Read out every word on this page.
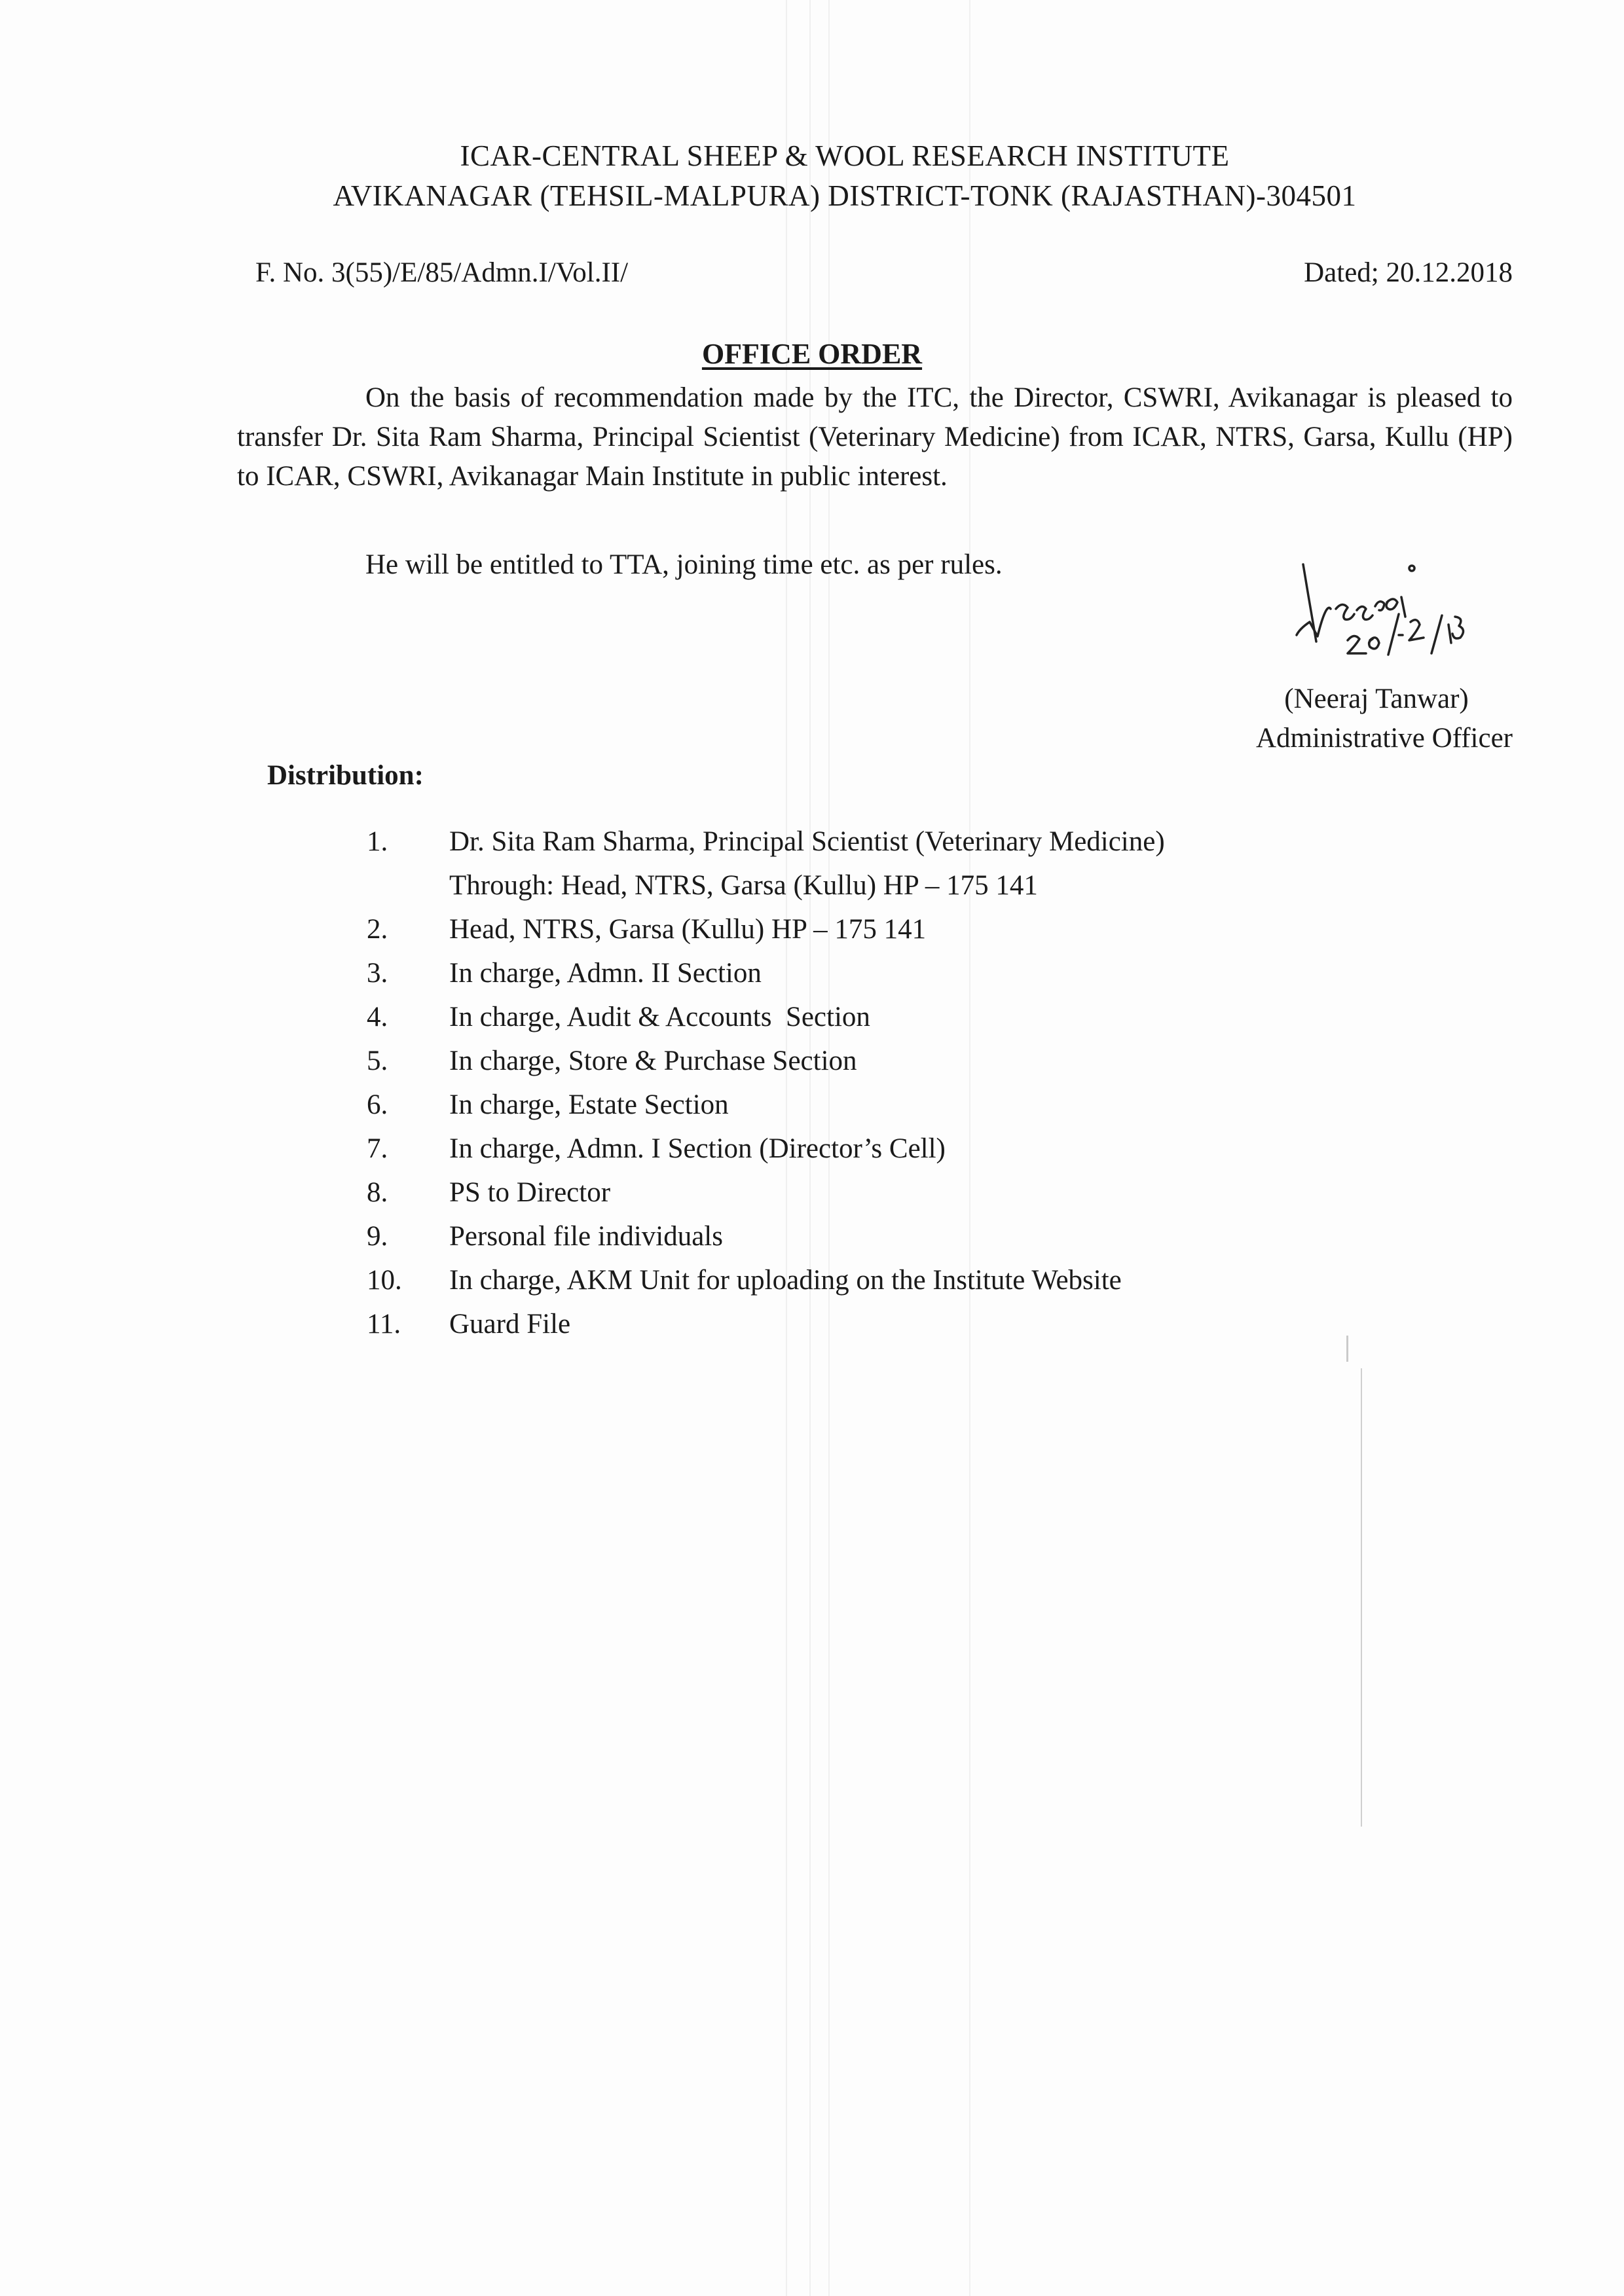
ICAR-CENTRAL SHEEP & WOOL RESEARCH INSTITUTE
AVIKANAGAR (TEHSIL-MALPURA) DISTRICT-TONK (RAJASTHAN)-304501
F. No. 3(55)/E/85/Admn.I/Vol.II/	Dated; 20.12.2018
OFFICE ORDER

On the basis of recommendation made by the ITC, the Director, CSWRI, Avikanagar is pleased to transfer Dr. Sita Ram Sharma, Principal Scientist (Veterinary Medicine) from ICAR, NTRS, Garsa, Kullu (HP) to ICAR, CSWRI, Avikanagar Main Institute in public interest.

He will be entitled to TTA, joining time etc. as per rules.

(Neeraj Tanwar)
Administrative Officer
Distribution:
1.	Dr. Sita Ram Sharma, Principal Scientist (Veterinary Medicine)
Through: Head, NTRS, Garsa (Kullu) HP – 175 141
2.	Head, NTRS, Garsa (Kullu) HP – 175 141
3.	In charge, Admn. II Section
4.	In charge, Audit & Accounts  Section
5.	In charge, Store & Purchase Section
6.	In charge, Estate Section
7.	In charge, Admn. I Section (Director’s Cell)
8.	PS to Director
9.	Personal file individuals
10.	In charge, AKM Unit for uploading on the Institute Website
11.	Guard File
